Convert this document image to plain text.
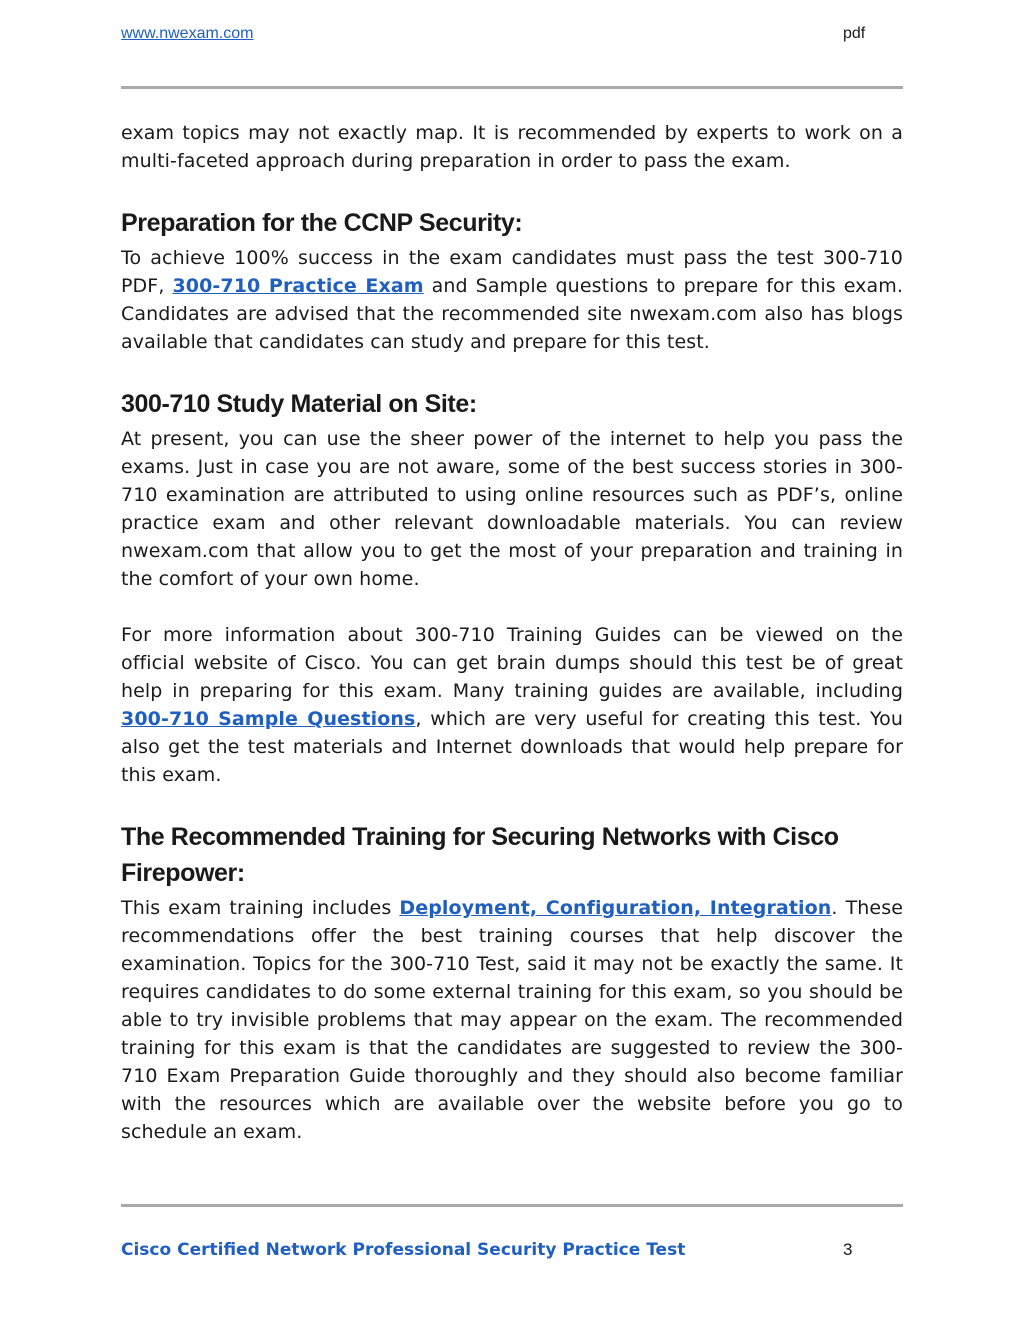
www.nwexam.com	pdf

exam topics may not exactly map. It is recommended by experts to work on a multi-faceted approach during preparation in order to pass the exam.

Preparation for the CCNP Security:

To achieve 100% success in the exam candidates must pass the test 300-710 PDF, 300-710 Practice Exam and Sample questions to prepare for this exam. Candidates are advised that the recommended site nwexam.com also has blogs available that candidates can study and prepare for this test.

300-710 Study Material on Site:

At present, you can use the sheer power of the internet to help you pass the exams. Just in case you are not aware, some of the best success stories in 300-710 examination are attributed to using online resources such as PDF’s, online practice exam and other relevant downloadable materials. You can review nwexam.com that allow you to get the most of your preparation and training in the comfort of your own home.

For more information about 300-710 Training Guides can be viewed on the official website of Cisco. You can get brain dumps should this test be of great help in preparing for this exam. Many training guides are available, including 300-710 Sample Questions, which are very useful for creating this test. You also get the test materials and Internet downloads that would help prepare for this exam.

The Recommended Training for Securing Networks with Cisco Firepower:

This exam training includes Deployment, Configuration, Integration. These recommendations offer the best training courses that help discover the examination. Topics for the 300-710 Test, said it may not be exactly the same. It requires candidates to do some external training for this exam, so you should be able to try invisible problems that may appear on the exam. The recommended training for this exam is that the candidates are suggested to review the 300-710 Exam Preparation Guide thoroughly and they should also become familiar with the resources which are available over the website before you go to schedule an exam.

Cisco Certified Network Professional Security Practice Test	3
